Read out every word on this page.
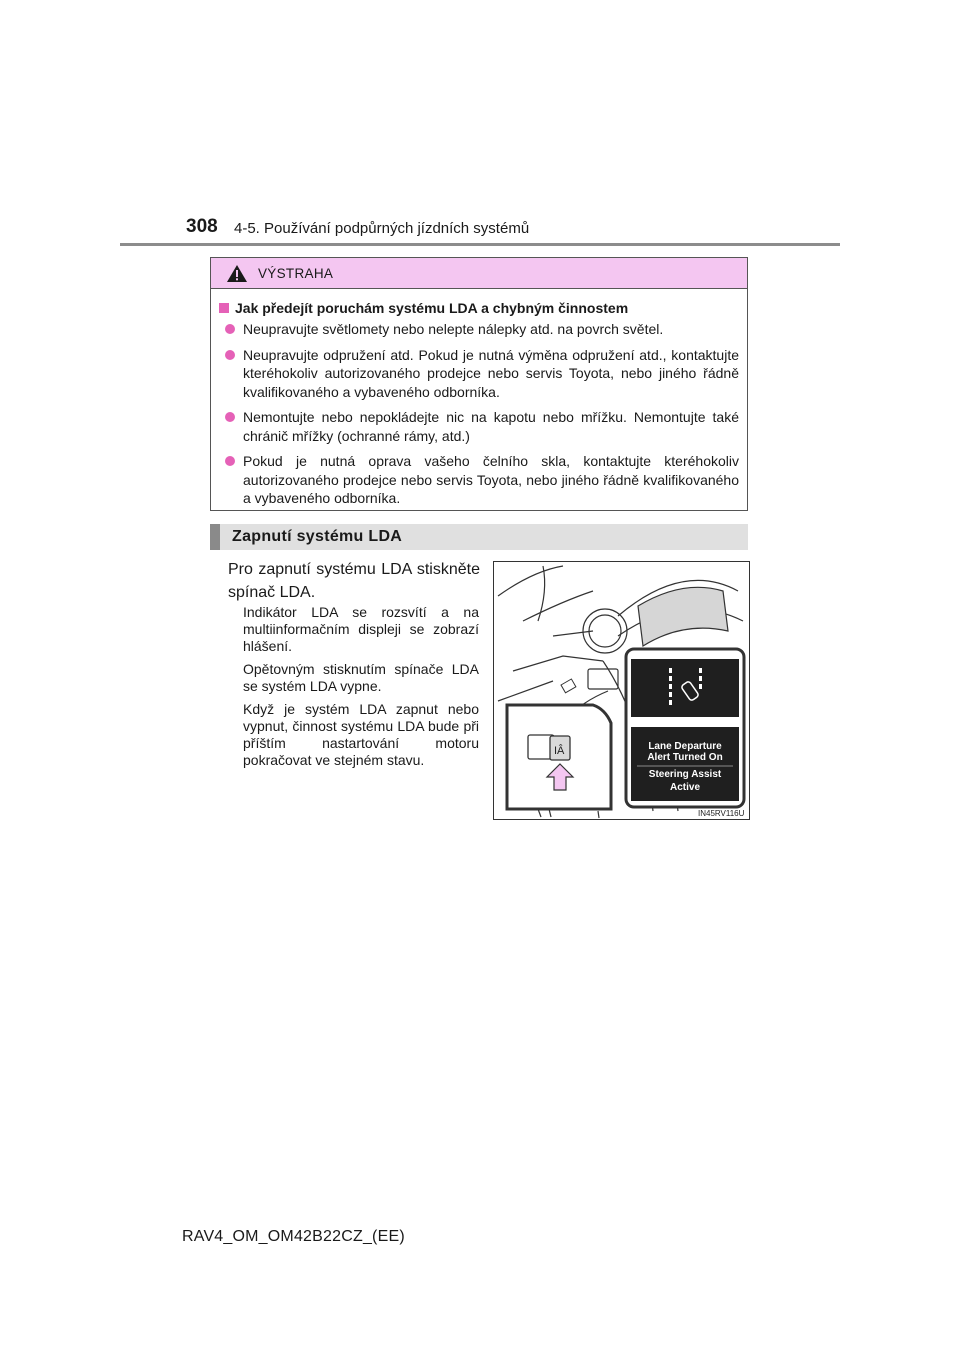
308 4-5. Používání podpůrných jízdních systémů
VÝSTRAHA
Jak předejít poruchám systému LDA a chybným činnostem
Neupravujte světlomety nebo nelepte nálepky atd. na povrch světel.
Neupravujte odpružení atd. Pokud je nutná výměna odpružení atd., kontaktujte kteréhokoliv autorizovaného prodejce nebo servis Toyota, nebo jiného řádně kvalifikovaného a vybaveného odborníka.
Nemontujte nebo nepokládejte nic na kapotu nebo mřížku. Nemontujte také chránič mřížky (ochranné rámy, atd.)
Pokud je nutná oprava vašeho čelního skla, kontaktujte kteréhokoliv autorizovaného prodejce nebo servis Toyota, nebo jiného řádně kvalifikovaného a vybaveného odborníka.
Zapnutí systému LDA
Pro zapnutí systému LDA stiskněte spínač LDA.
Indikátor LDA se rozsvítí a na multiinformačním displeji se zobrazí hlášení.
Opětovným stisknutím spínače LDA se systém LDA vypne.
Když je systém LDA zapnut nebo vypnut, činnost systému LDA bude při příštím nastartování motoru pokračovat ve stejném stavu.
IÂ	Lane Departure
Alert Turned On
Steering Assist
Active
IN45RV116U
RAV4_OM_OM42B22CZ_(EE)
